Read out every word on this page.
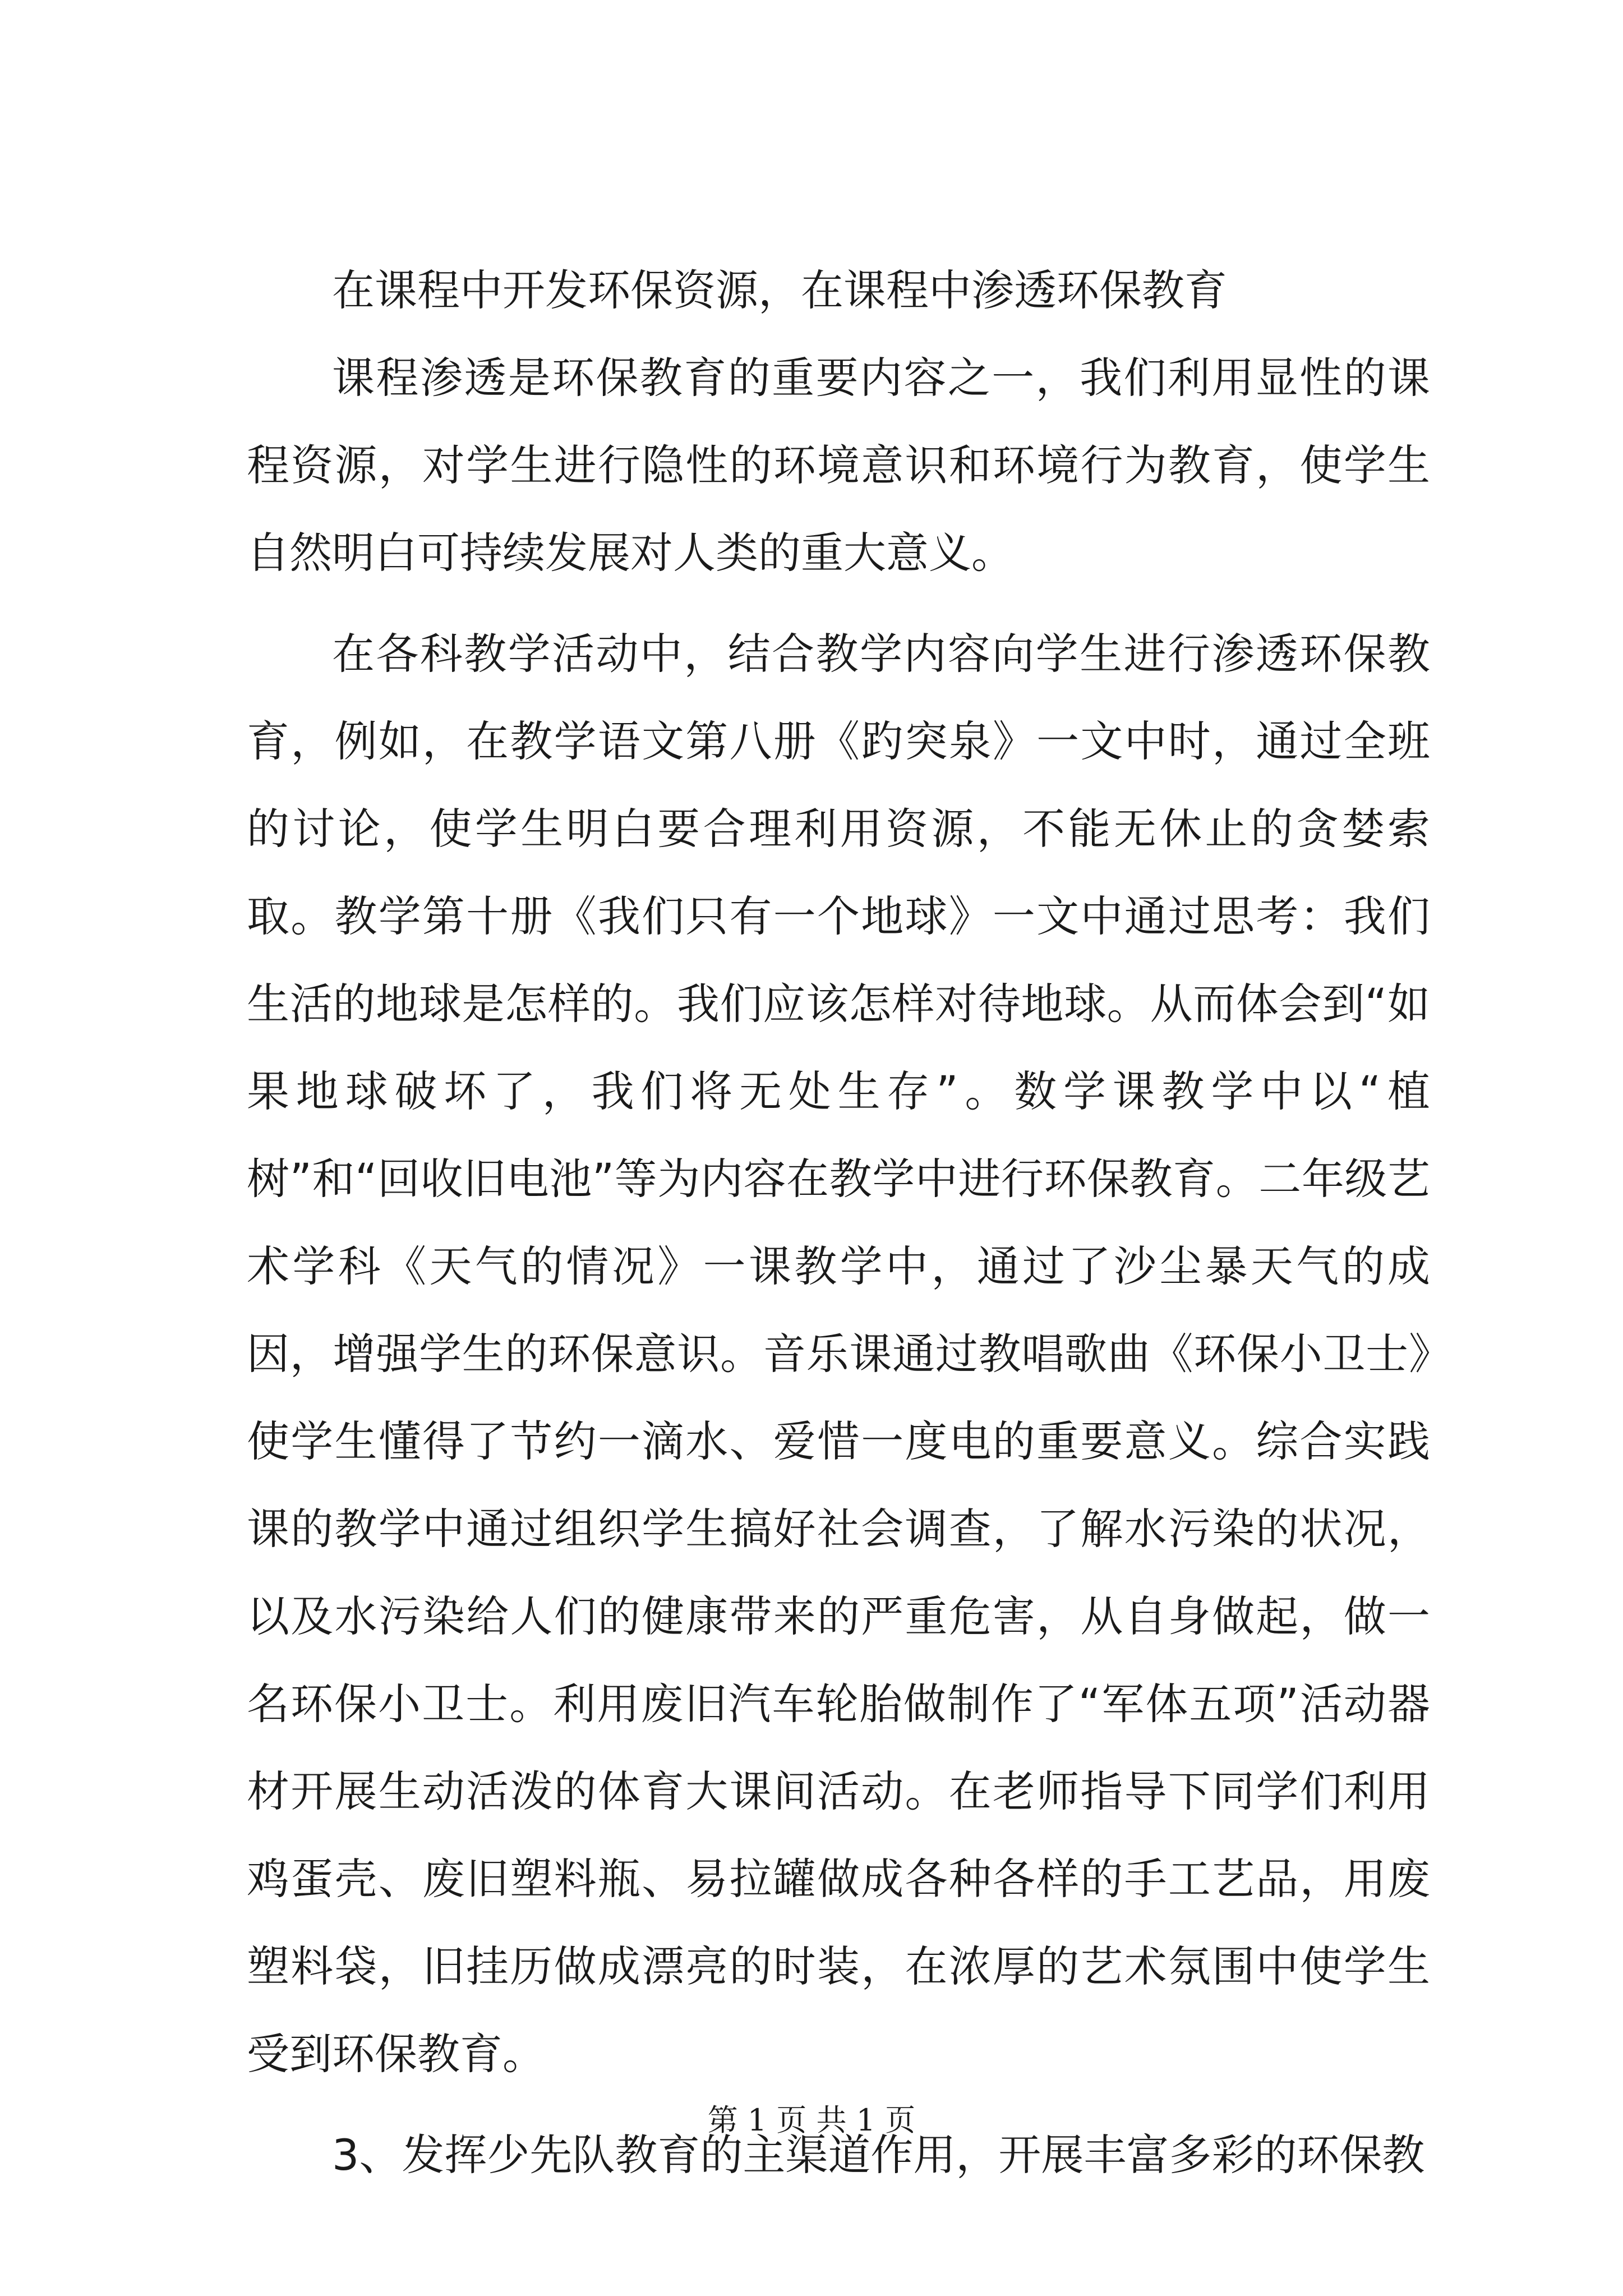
在课程中开发环保资源，在课程中渗透环保教育

课程渗透是环保教育的重要内容之一，我们利用显性的课程资源，对学生进行隐性的环境意识和环境行为教育，使学生自然明白可持续发展对人类的重大意义。

在各科教学活动中，结合教学内容向学生进行渗透环保教育，例如，在教学语文第八册《趵突泉》一文中时，通过全班的讨论，使学生明白要合理利用资源，不能无休止的贪婪索取。教学第十册《我们只有一个地球》一文中通过思考：我们生活的地球是怎样的。我们应该怎样对待地球。从而体会到“如果地球破坏了，我们将无处生存”。数学课教学中以“植树”和“回收旧电池”等为内容在教学中进行环保教育。二年级艺术学科《天气的情况》一课教学中，通过了沙尘暴天气的成因，增强学生的环保意识。音乐课通过教唱歌曲《环保小卫士》使学生懂得了节约一滴水、爱惜一度电的重要意义。综合实践课的教学中通过组织学生搞好社会调查，了解水污染的状况，以及水污染给人们的健康带来的严重危害，从自身做起，做一名环保小卫士。利用废旧汽车轮胎做制作了“军体五项”活动器材开展生动活泼的体育大课间活动。在老师指导下同学们利用鸡蛋壳、废旧塑料瓶、易拉罐做成各种各样的手工艺品，用废塑料袋，旧挂历做成漂亮的时装，在浓厚的艺术氛围中使学生受到环保教育。

3、发挥少先队教育的主渠道作用，开展丰富多彩的环保教

第 1 页 共 1 页
